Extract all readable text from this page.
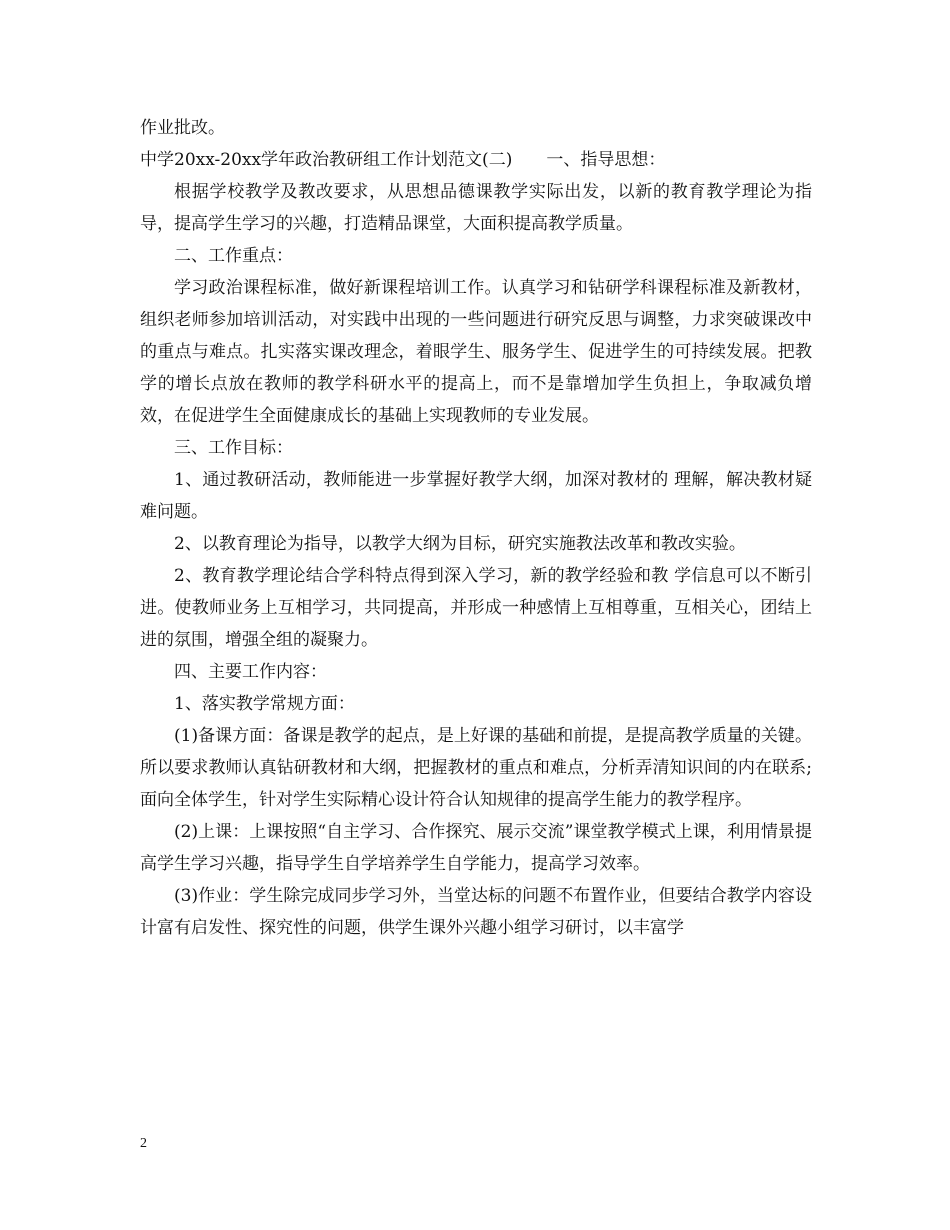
作业批改。

中学20xx-20xx学年政治教研组工作计划范文(二)　　一、指导思想：

根据学校教学及教改要求，从思想品德课教学实际出发，以新的教育教学理论为指导，提高学生学习的兴趣，打造精品课堂，大面积提高教学质量。

二、工作重点：

学习政治课程标准，做好新课程培训工作。认真学习和钻研学科课程标准及新教材，组织老师参加培训活动，对实践中出现的一些问题进行研究反思与调整，力求突破课改中的重点与难点。扎实落实课改理念，着眼学生、服务学生、促进学生的可持续发展。把教学的增长点放在教师的教学科研水平的提高上，而不是靠增加学生负担上，争取减负增效，在促进学生全面健康成长的基础上实现教师的专业发展。

三、工作目标：

1、通过教研活动，教师能进一步掌握好教学大纲，加深对教材的 理解，解决教材疑难问题。

2、以教育理论为指导，以教学大纲为目标，研究实施教法改革和教改实验。

2、教育教学理论结合学科特点得到深入学习，新的教学经验和教 学信息可以不断引进。使教师业务上互相学习，共同提高，并形成一种感情上互相尊重，互相关心，团结上进的氛围，增强全组的凝聚力。

四、主要工作内容：

1、落实教学常规方面：

(1)备课方面：备课是教学的起点，是上好课的基础和前提，是提高教学质量的关键。所以要求教师认真钻研教材和大纲，把握教材的重点和难点，分析弄清知识间的内在联系;面向全体学生，针对学生实际精心设计符合认知规律的提高学生能力的教学程序。

(2)上课：上课按照“自主学习、合作探究、展示交流”课堂教学模式上课，利用情景提高学生学习兴趣，指导学生自学培养学生自学能力，提高学习效率。

(3)作业：学生除完成同步学习外，当堂达标的问题不布置作业，但要结合教学内容设计富有启发性、探究性的问题，供学生课外兴趣小组学习研讨，以丰富学

2
